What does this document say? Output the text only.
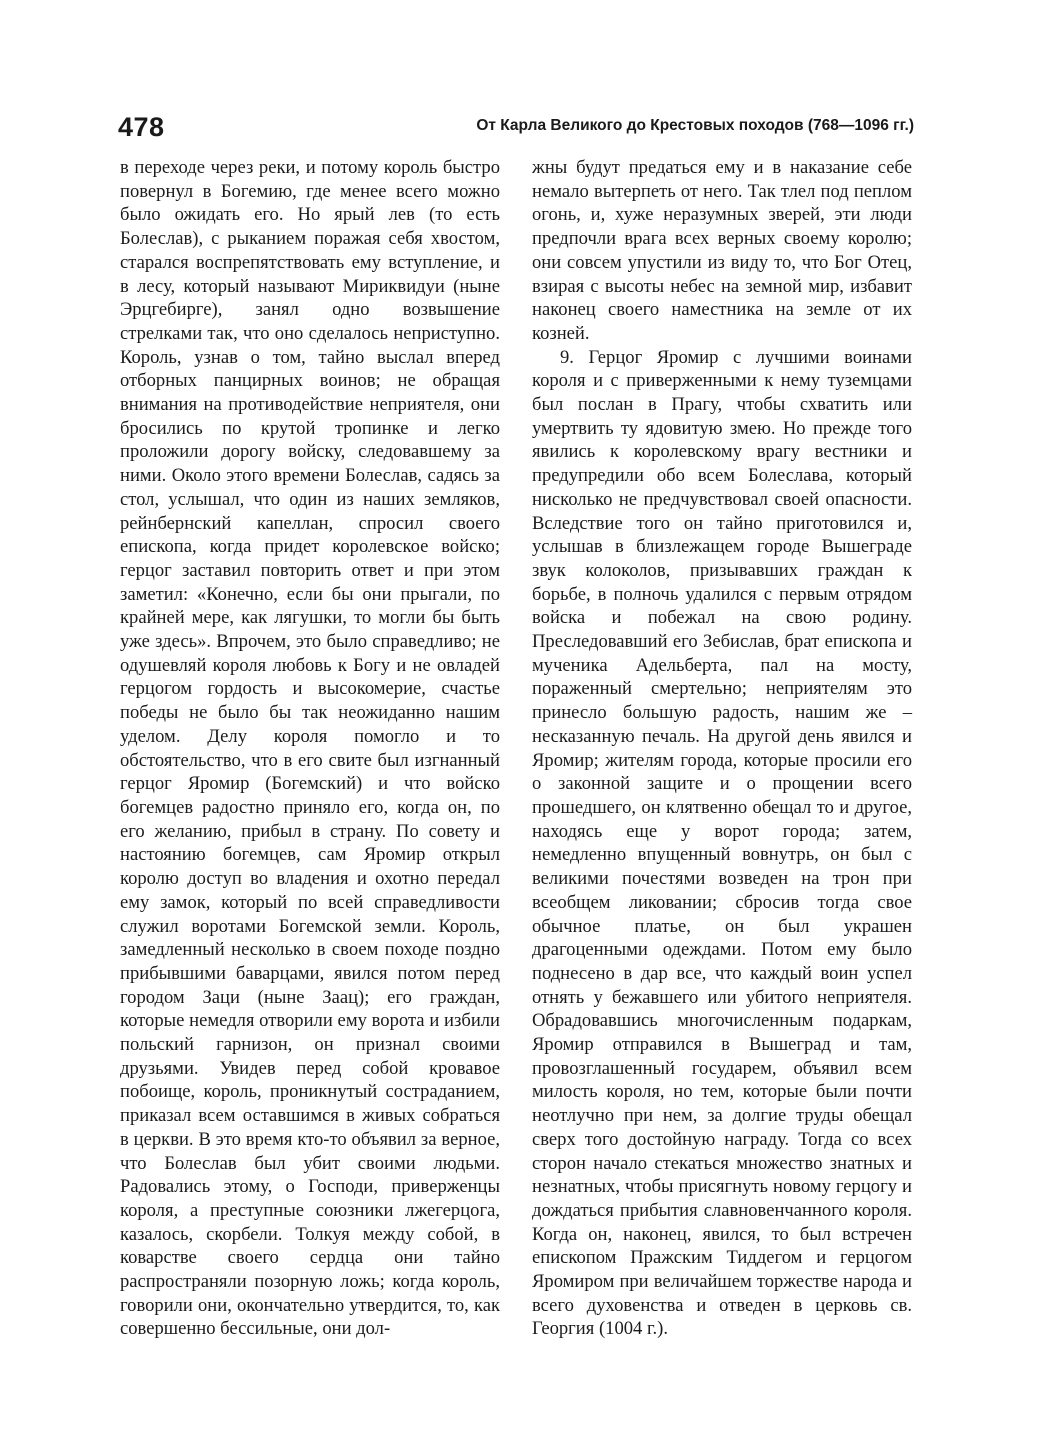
478	От Карла Великого до Крестовых походов (768—1096 гг.)

в переходе через реки, и потому король быстро повернул в Богемию, где менее всего можно было ожидать его. Но ярый лев (то есть Болеслав), с рыканием поражая себя хвостом, старался воспрепятствовать ему вступление, и в лесу, который называют Мириквидуи (ныне Эрцгебирге), занял одно возвышение стрелками так, что оно сделалось неприступно. Король, узнав о том, тайно выслал вперед отборных панцирных воинов; не обращая внимания на противодействие неприятеля, они бросились по крутой тропинке и легко проложили дорогу войску, следовавшему за ними. Около этого времени Болеслав, садясь за стол, услышал, что один из наших земляков, рейнбернский капеллан, спросил своего епископа, когда придет королевское войско; герцог заставил повторить ответ и при этом заметил: «Конечно, если бы они прыгали, по крайней мере, как лягушки, то могли бы быть уже здесь». Впрочем, это было справедливо; не одушевляй короля любовь к Богу и не овладей герцогом гордость и высокомерие, счастье победы не было бы так неожиданно нашим уделом. Делу короля помогло и то обстоятельство, что в его свите был изгнанный герцог Яромир (Богемский) и что войско богемцев радостно приняло его, когда он, по его желанию, прибыл в страну. По совету и настоянию богемцев, сам Яромир открыл королю доступ во владения и охотно передал ему замок, который по всей справедливости служил воротами Богемской земли. Король, замедленный несколько в своем походе поздно прибывшими баварцами, явился потом перед городом Заци (ныне Заац); его граждан, которые немедля отворили ему ворота и избили польский гарнизон, он признал своими друзьями. Увидев перед собой кровавое побоище, король, проникнутый состраданием, приказал всем оставшимся в живых собраться в церкви. В это время кто-то объявил за верное, что Болеслав был убит своими людьми. Радовались этому, о Господи, приверженцы короля, а преступные союзники лжегерцога, казалось, скорбели. Толкуя между собой, в коварстве своего сердца они тайно распространяли позорную ложь; когда король, говорили они, окончательно утвердится, то, как совершенно бессильные, они дол-

жны будут предаться ему и в наказание себе немало вытерпеть от него. Так тлел под пеплом огонь, и, хуже неразумных зверей, эти люди предпочли врага всех верных своему королю; они совсем упустили из виду то, что Бог Отец, взирая с высоты небес на земной мир, избавит наконец своего наместника на земле от их козней.

9. Герцог Яромир с лучшими воинами короля и с приверженными к нему туземцами был послан в Прагу, чтобы схватить или умертвить ту ядовитую змею. Но прежде того явились к королевскому врагу вестники и предупредили обо всем Болеслава, который нисколько не предчувствовал своей опасности. Вследствие того он тайно приготовился и, услышав в близлежащем городе Вышеграде звук колоколов, призывавших граждан к борьбе, в полночь удалился с первым отрядом войска и побежал на свою родину. Преследовавший его Зебислав, брат епископа и мученика Адельберта, пал на мосту, пораженный смертельно; неприятелям это принесло большую радость, нашим же – несказанную печаль. На другой день явился и Яромир; жителям города, которые просили его о законной защите и о прощении всего прошедшего, он клятвенно обещал то и другое, находясь еще у ворот города; затем, немедленно впущенный вовнутрь, он был с великими почестями возведен на трон при всеобщем ликовании; сбросив тогда свое обычное платье, он был украшен драгоценными одеждами. Потом ему было поднесено в дар все, что каждый воин успел отнять у бежавшего или убитого неприятеля. Обрадовавшись многочисленным подаркам, Яромир отправился в Вышеград и там, провозглашенный государем, объявил всем милость короля, но тем, которые были почти неотлучно при нем, за долгие труды обещал сверх того достойную награду. Тогда со всех сторон начало стекаться множество знатных и незнатных, чтобы присягнуть новому герцогу и дождаться прибытия славновенчанного короля. Когда он, наконец, явился, то был встречен епископом Пражским Тиддегом и герцогом Яромиром при величайшем торжестве народа и всего духовенства и отведен в церковь св. Георгия (1004 г.).
